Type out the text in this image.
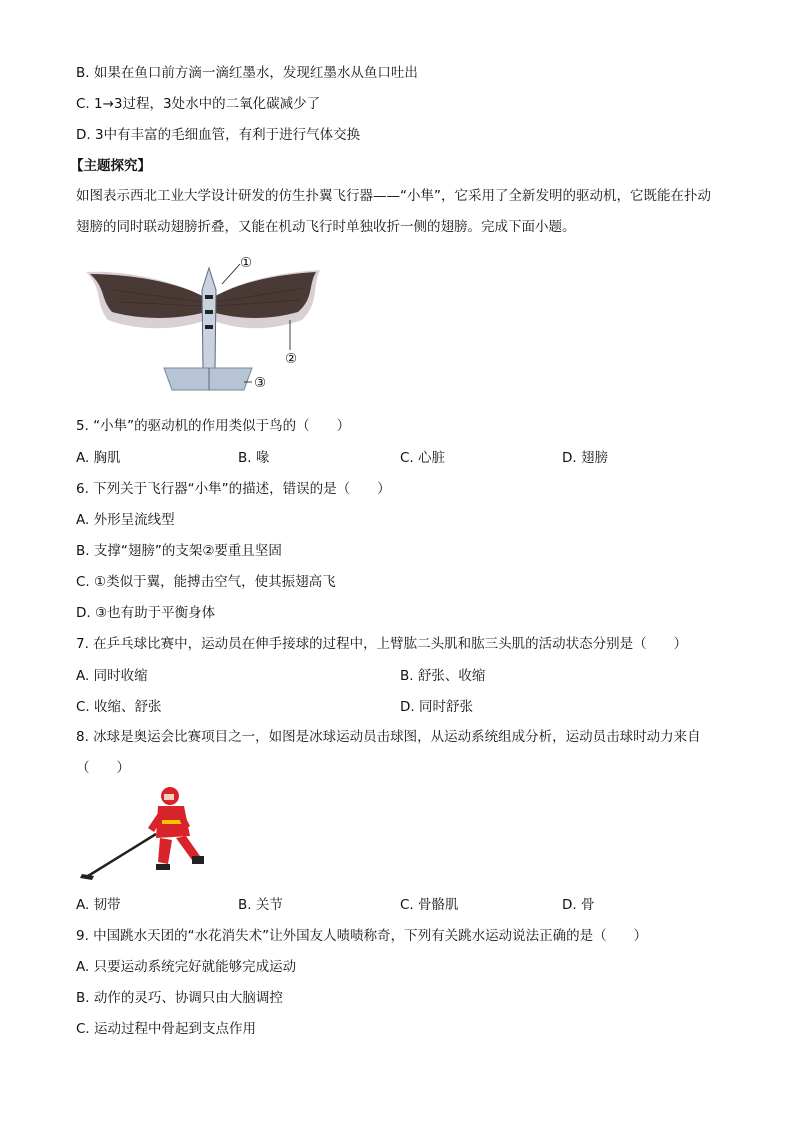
B. 如果在鱼口前方滴一滴红墨水，发现红墨水从鱼口吐出
C. 1→3过程，3处水中的二氧化碳减少了
D. 3中有丰富的毛细血管，有利于进行气体交换
【主题探究】
如图表示西北工业大学设计研发的仿生扑翼飞行器——“小隼”，它采用了全新发明的驱动机，它既能在扑动翅膀的同时联动翅膀折叠，又能在机动飞行时单独收折一侧的翅膀。完成下面小题。
①
②
③
5. “小隼”的驱动机的作用类似于鸟的（　　）
A. 胸肌	B. 喙	C. 心脏	D. 翅膀
6. 下列关于飞行器“小隼”的描述，错误的是（　　）
A. 外形呈流线型
B. 支撑“翅膀”的支架②要重且坚固
C. ①类似于翼，能搏击空气，使其振翅高飞
D. ③也有助于平衡身体
7. 在乒乓球比赛中，运动员在伸手接球的过程中，上臂肱二头肌和肱三头肌的活动状态分别是（　　）
A. 同时收缩	B. 舒张、收缩
C. 收缩、舒张	D. 同时舒张
8. 冰球是奥运会比赛项目之一，如图是冰球运动员击球图，从运动系统组成分析，运动员击球时动力来自（　　）
A. 韧带	B. 关节	C. 骨骼肌	D. 骨
9. 中国跳水天团的“水花消失术”让外国友人啧啧称奇，下列有关跳水运动说法正确的是（　　）
A. 只要运动系统完好就能够完成运动
B. 动作的灵巧、协调只由大脑调控
C. 运动过程中骨起到支点作用
